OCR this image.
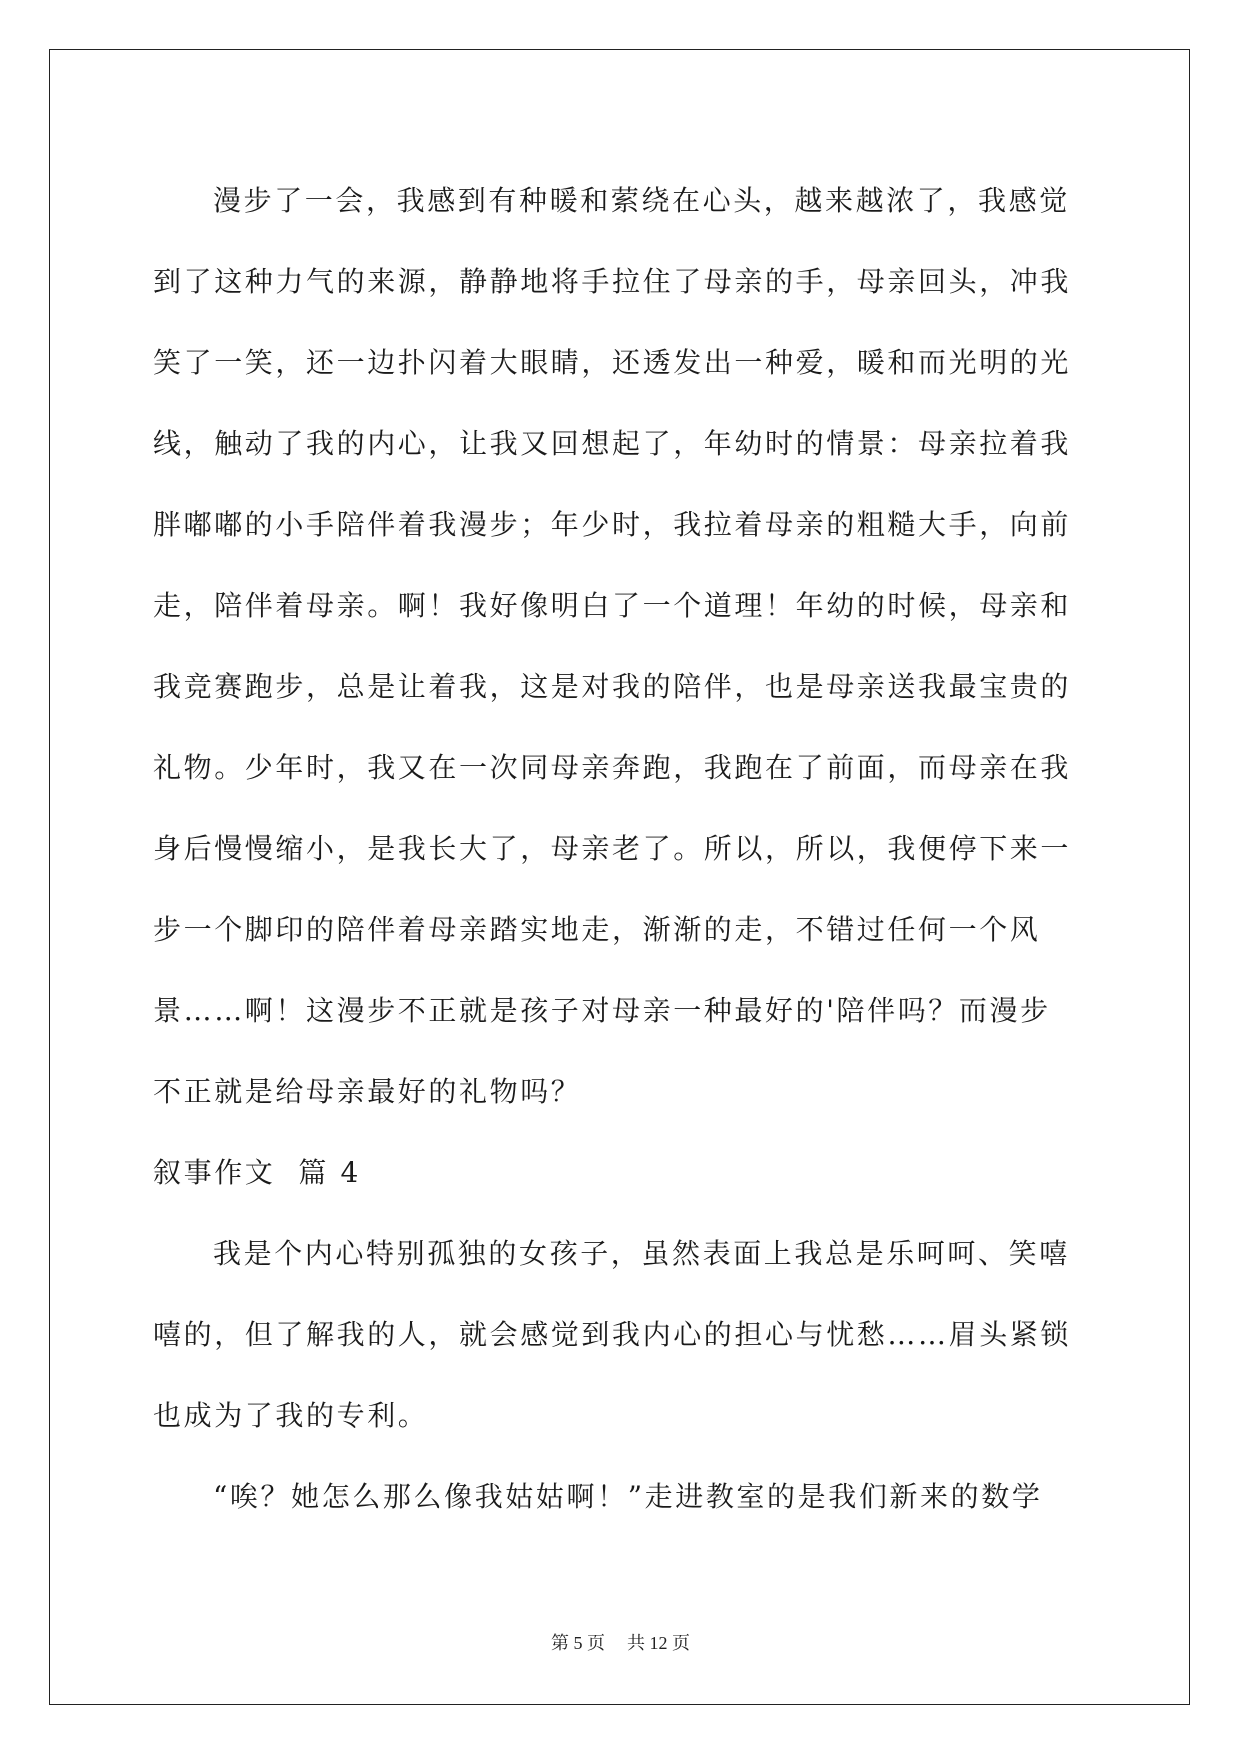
漫步了一会，我感到有种暖和萦绕在心头，越来越浓了，我感觉
到了这种力气的来源，静静地将手拉住了母亲的手，母亲回头，冲我
笑了一笑，还一边扑闪着大眼睛，还透发出一种爱，暖和而光明的光
线，触动了我的内心，让我又回想起了，年幼时的情景：母亲拉着我
胖嘟嘟的小手陪伴着我漫步；年少时，我拉着母亲的粗糙大手，向前
走，陪伴着母亲。啊！我好像明白了一个道理！年幼的时候，母亲和
我竞赛跑步，总是让着我，这是对我的陪伴，也是母亲送我最宝贵的
礼物。少年时，我又在一次同母亲奔跑，我跑在了前面，而母亲在我
身后慢慢缩小，是我长大了，母亲老了。所以，所以，我便停下来一
步一个脚印的陪伴着母亲踏实地走，渐渐的走，不错过任何一个风
景……啊！这漫步不正就是孩子对母亲一种最好的'陪伴吗？而漫步
不正就是给母亲最好的礼物吗？
叙事作文  篇 4
我是个内心特别孤独的女孩子，虽然表面上我总是乐呵呵、笑嘻
嘻的，但了解我的人，就会感觉到我内心的担心与忧愁……眉头紧锁
也成为了我的专利。
“唉？她怎么那么像我姑姑啊！”走进教室的是我们新来的数学
第 5 页 共 12 页
